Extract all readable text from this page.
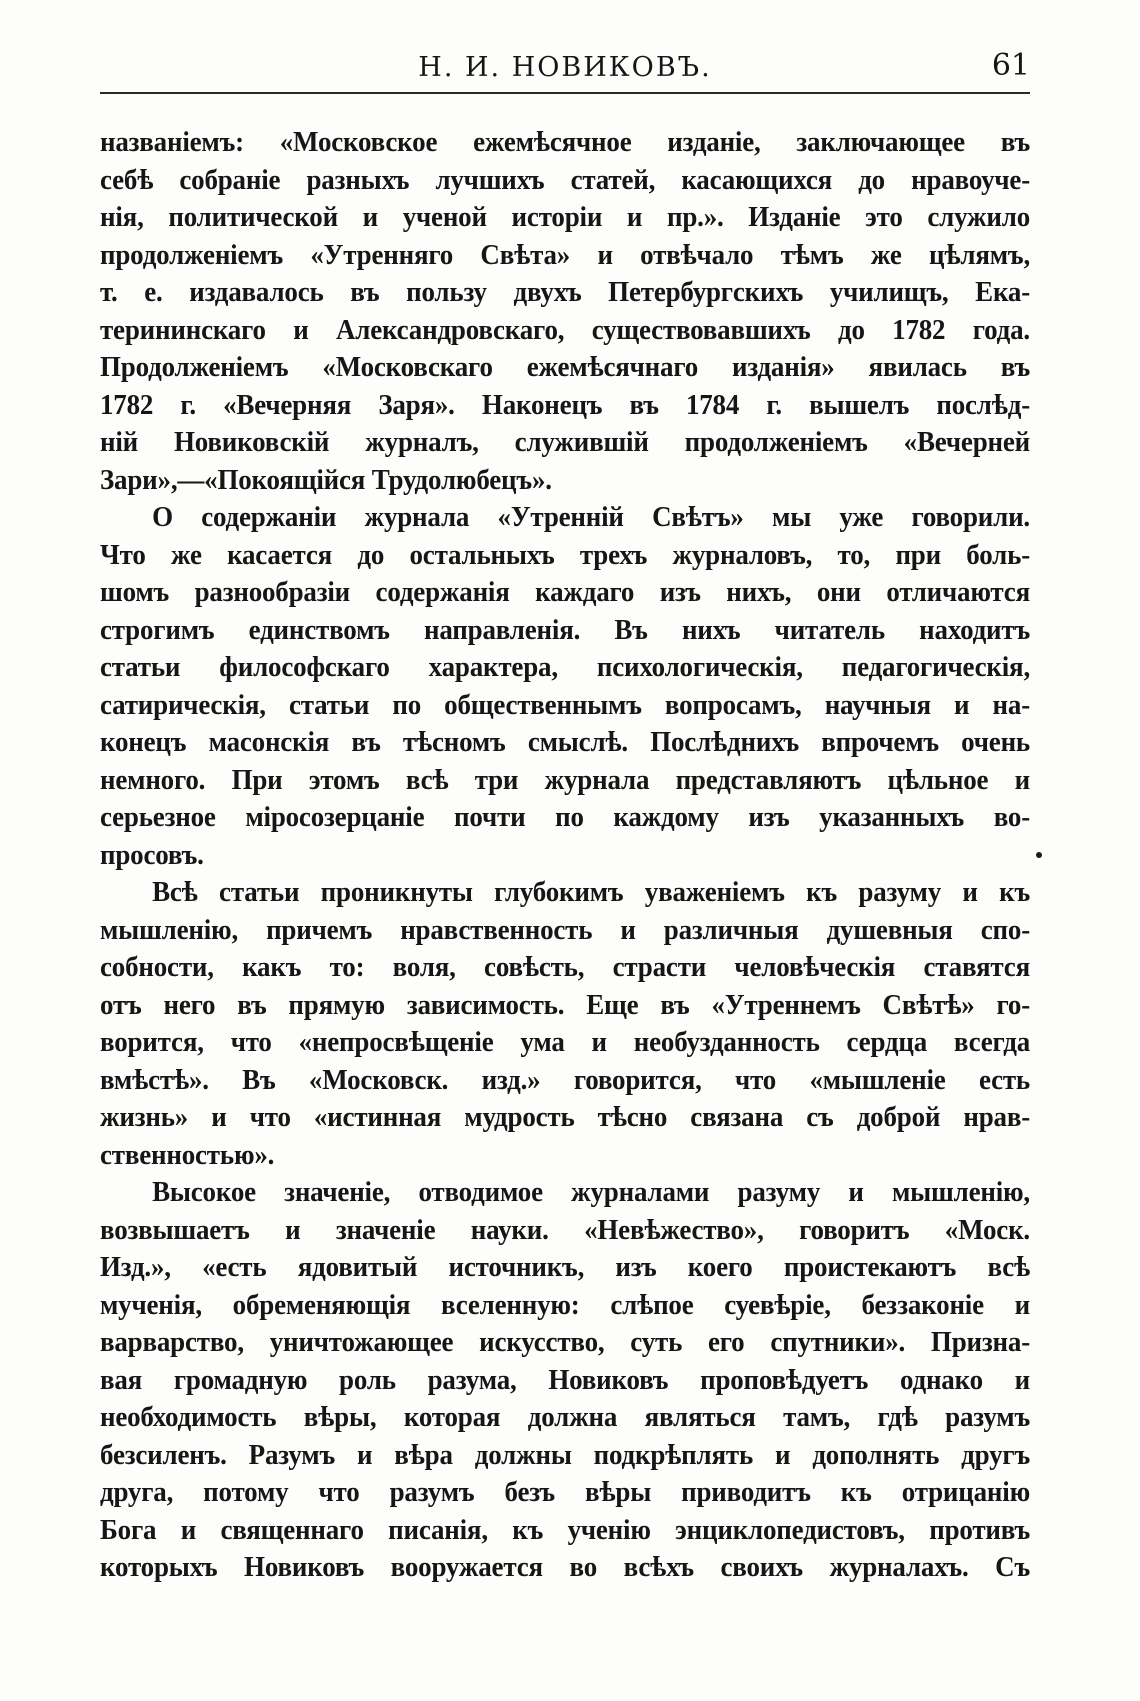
Н. И. НОВИКОВЪ.	61
названіемъ: «Московское ежемѣсячное изданіе, заключающее въ
себѣ собраніе разныхъ лучшихъ статей, касающихся до нравоуче-
нія, политической и ученой исторіи и пр.». Изданіе это служило
продолженіемъ «Утренняго Свѣта» и отвѣчало тѣмъ же цѣлямъ,
т. е. издавалось въ пользу двухъ Петербургскихъ училищъ, Ека-
терининскаго и Александровскаго, существовавшихъ до 1782 года.
Продолженіемъ «Московскаго ежемѣсячнаго изданія» явилась въ
1782 г. «Вечерняя Заря». Наконецъ въ 1784 г. вышелъ послѣд-
ній Новиковскій журналъ, служившій продолженіемъ «Вечерней
Зари»,—«Покоящійся Трудолюбецъ».
О содержаніи журнала «Утренній Свѣтъ» мы уже говорили.
Что же касается до остальныхъ трехъ журналовъ, то, при боль-
шомъ разнообразіи содержанія каждаго изъ нихъ, они отличаются
строгимъ единствомъ направленія. Въ нихъ читатель находитъ
статьи философскаго характера, психологическія, педагогическія,
сатирическія, статьи по общественнымъ вопросамъ, научныя и на-
конецъ масонскія въ тѣсномъ смыслѣ. Послѣднихъ впрочемъ очень
немного. При этомъ всѣ три журнала представляютъ цѣльное и
серьезное міросозерцаніе почти по каждому изъ указанныхъ во-
просовъ.
Всѣ статьи проникнуты глубокимъ уваженіемъ къ разуму и къ
мышленію, причемъ нравственность и различныя душевныя спо-
собности, какъ то: воля, совѣсть, страсти человѣческія ставятся
отъ него въ прямую зависимость. Еще въ «Утреннемъ Свѣтѣ» го-
ворится, что «непросвѣщеніе ума и необузданность сердца всегда
вмѣстѣ». Въ «Московск. изд.» говорится, что «мышленіе есть
жизнь» и что «истинная мудрость тѣсно связана съ доброй нрав-
ственностью».
Высокое значеніе, отводимое журналами разуму и мышленію,
возвышаетъ и значеніе науки. «Невѣжество», говоритъ «Моск.
Изд.», «есть ядовитый источникъ, изъ коего проистекаютъ всѣ
мученія, обременяющія вселенную: слѣпое суевѣріе, беззаконіе и
варварство, уничтожающее искусство, суть его спутники». Призна-
вая громадную роль разума, Новиковъ проповѣдуетъ однако и
необходимость вѣры, которая должна являться тамъ, гдѣ разумъ
безсиленъ. Разумъ и вѣра должны подкрѣплять и дополнять другъ
друга, потому что разумъ безъ вѣры приводитъ къ отрицанію
Бога и священнаго писанія, къ ученію энциклопедистовъ, противъ
которыхъ Новиковъ вооружается во всѣхъ своихъ журналахъ. Съ
